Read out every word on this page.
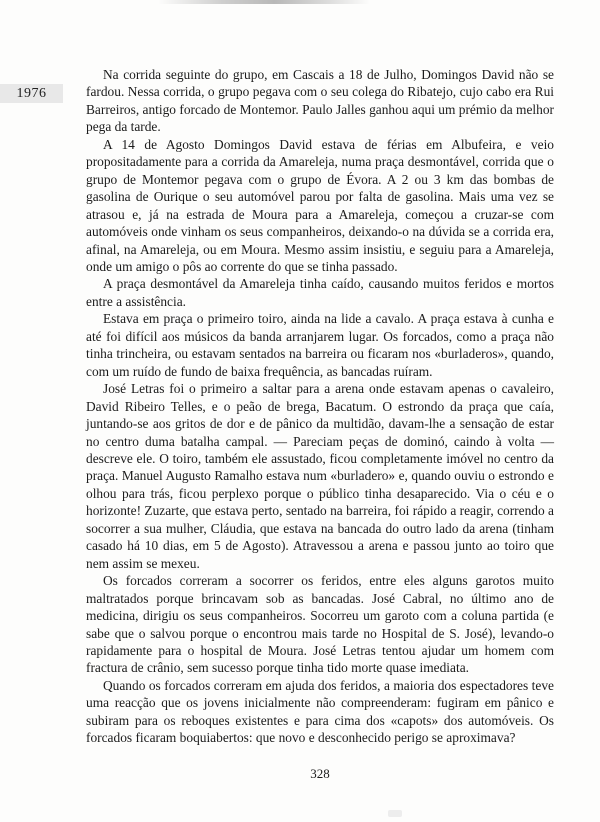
1976

Na corrida seguinte do grupo, em Cascais a 18 de Julho, Domingos David não se fardou. Nessa corrida, o grupo pegava com o seu colega do Ribatejo, cujo cabo era Rui Barreiros, antigo forcado de Montemor. Paulo Jalles ganhou aqui um prémio da melhor pega da tarde.

A 14 de Agosto Domingos David estava de férias em Albufeira, e veio propositadamente para a corrida da Amareleja, numa praça desmontável, corrida que o grupo de Montemor pegava com o grupo de Évora. A 2 ou 3 km das bombas de gasolina de Ourique o seu automóvel parou por falta de gasolina. Mais uma vez se atrasou e, já na estrada de Moura para a Amareleja, começou a cruzar-se com automóveis onde vinham os seus companheiros, deixando-o na dúvida se a corrida era, afinal, na Amareleja, ou em Moura. Mesmo assim insistiu, e seguiu para a Amareleja, onde um amigo o pôs ao corrente do que se tinha passado.

A praça desmontável da Amareleja tinha caído, causando muitos feridos e mortos entre a assistência.

Estava em praça o primeiro toiro, ainda na lide a cavalo. A praça estava à cunha e até foi difícil aos músicos da banda arranjarem lugar. Os forcados, como a praça não tinha trincheira, ou estavam sentados na barreira ou ficaram nos «burladeros», quando, com um ruído de fundo de baixa frequência, as bancadas ruíram.

José Letras foi o primeiro a saltar para a arena onde estavam apenas o cavaleiro, David Ribeiro Telles, e o peão de brega, Bacatum. O estrondo da praça que caía, juntando-se aos gritos de dor e de pânico da multidão, davam-lhe a sensação de estar no centro duma batalha campal. — Pareciam peças de dominó, caindo à volta — descreve ele. O toiro, também ele assustado, ficou completamente imóvel no centro da praça. Manuel Augusto Ramalho estava num «burladero» e, quando ouviu o estrondo e olhou para trás, ficou perplexo porque o público tinha desaparecido. Via o céu e o horizonte! Zuzarte, que estava perto, sentado na barreira, foi rápido a reagir, correndo a socorrer a sua mulher, Cláudia, que estava na bancada do outro lado da arena (tinham casado há 10 dias, em 5 de Agosto). Atravessou a arena e passou junto ao toiro que nem assim se mexeu.

Os forcados correram a socorrer os feridos, entre eles alguns garotos muito maltratados porque brincavam sob as bancadas. José Cabral, no último ano de medicina, dirigiu os seus companheiros. Socorreu um garoto com a coluna partida (e sabe que o salvou porque o encontrou mais tarde no Hospital de S. José), levando-o rapidamente para o hospital de Moura. José Letras tentou ajudar um homem com fractura de crânio, sem sucesso porque tinha tido morte quase imediata.

Quando os forcados correram em ajuda dos feridos, a maioria dos espectadores teve uma reacção que os jovens inicialmente não compreenderam: fugiram em pânico e subiram para os reboques existentes e para cima dos «capots» dos automóveis. Os forcados ficaram boquiabertos: que novo e desconhecido perigo se aproximava?

328
